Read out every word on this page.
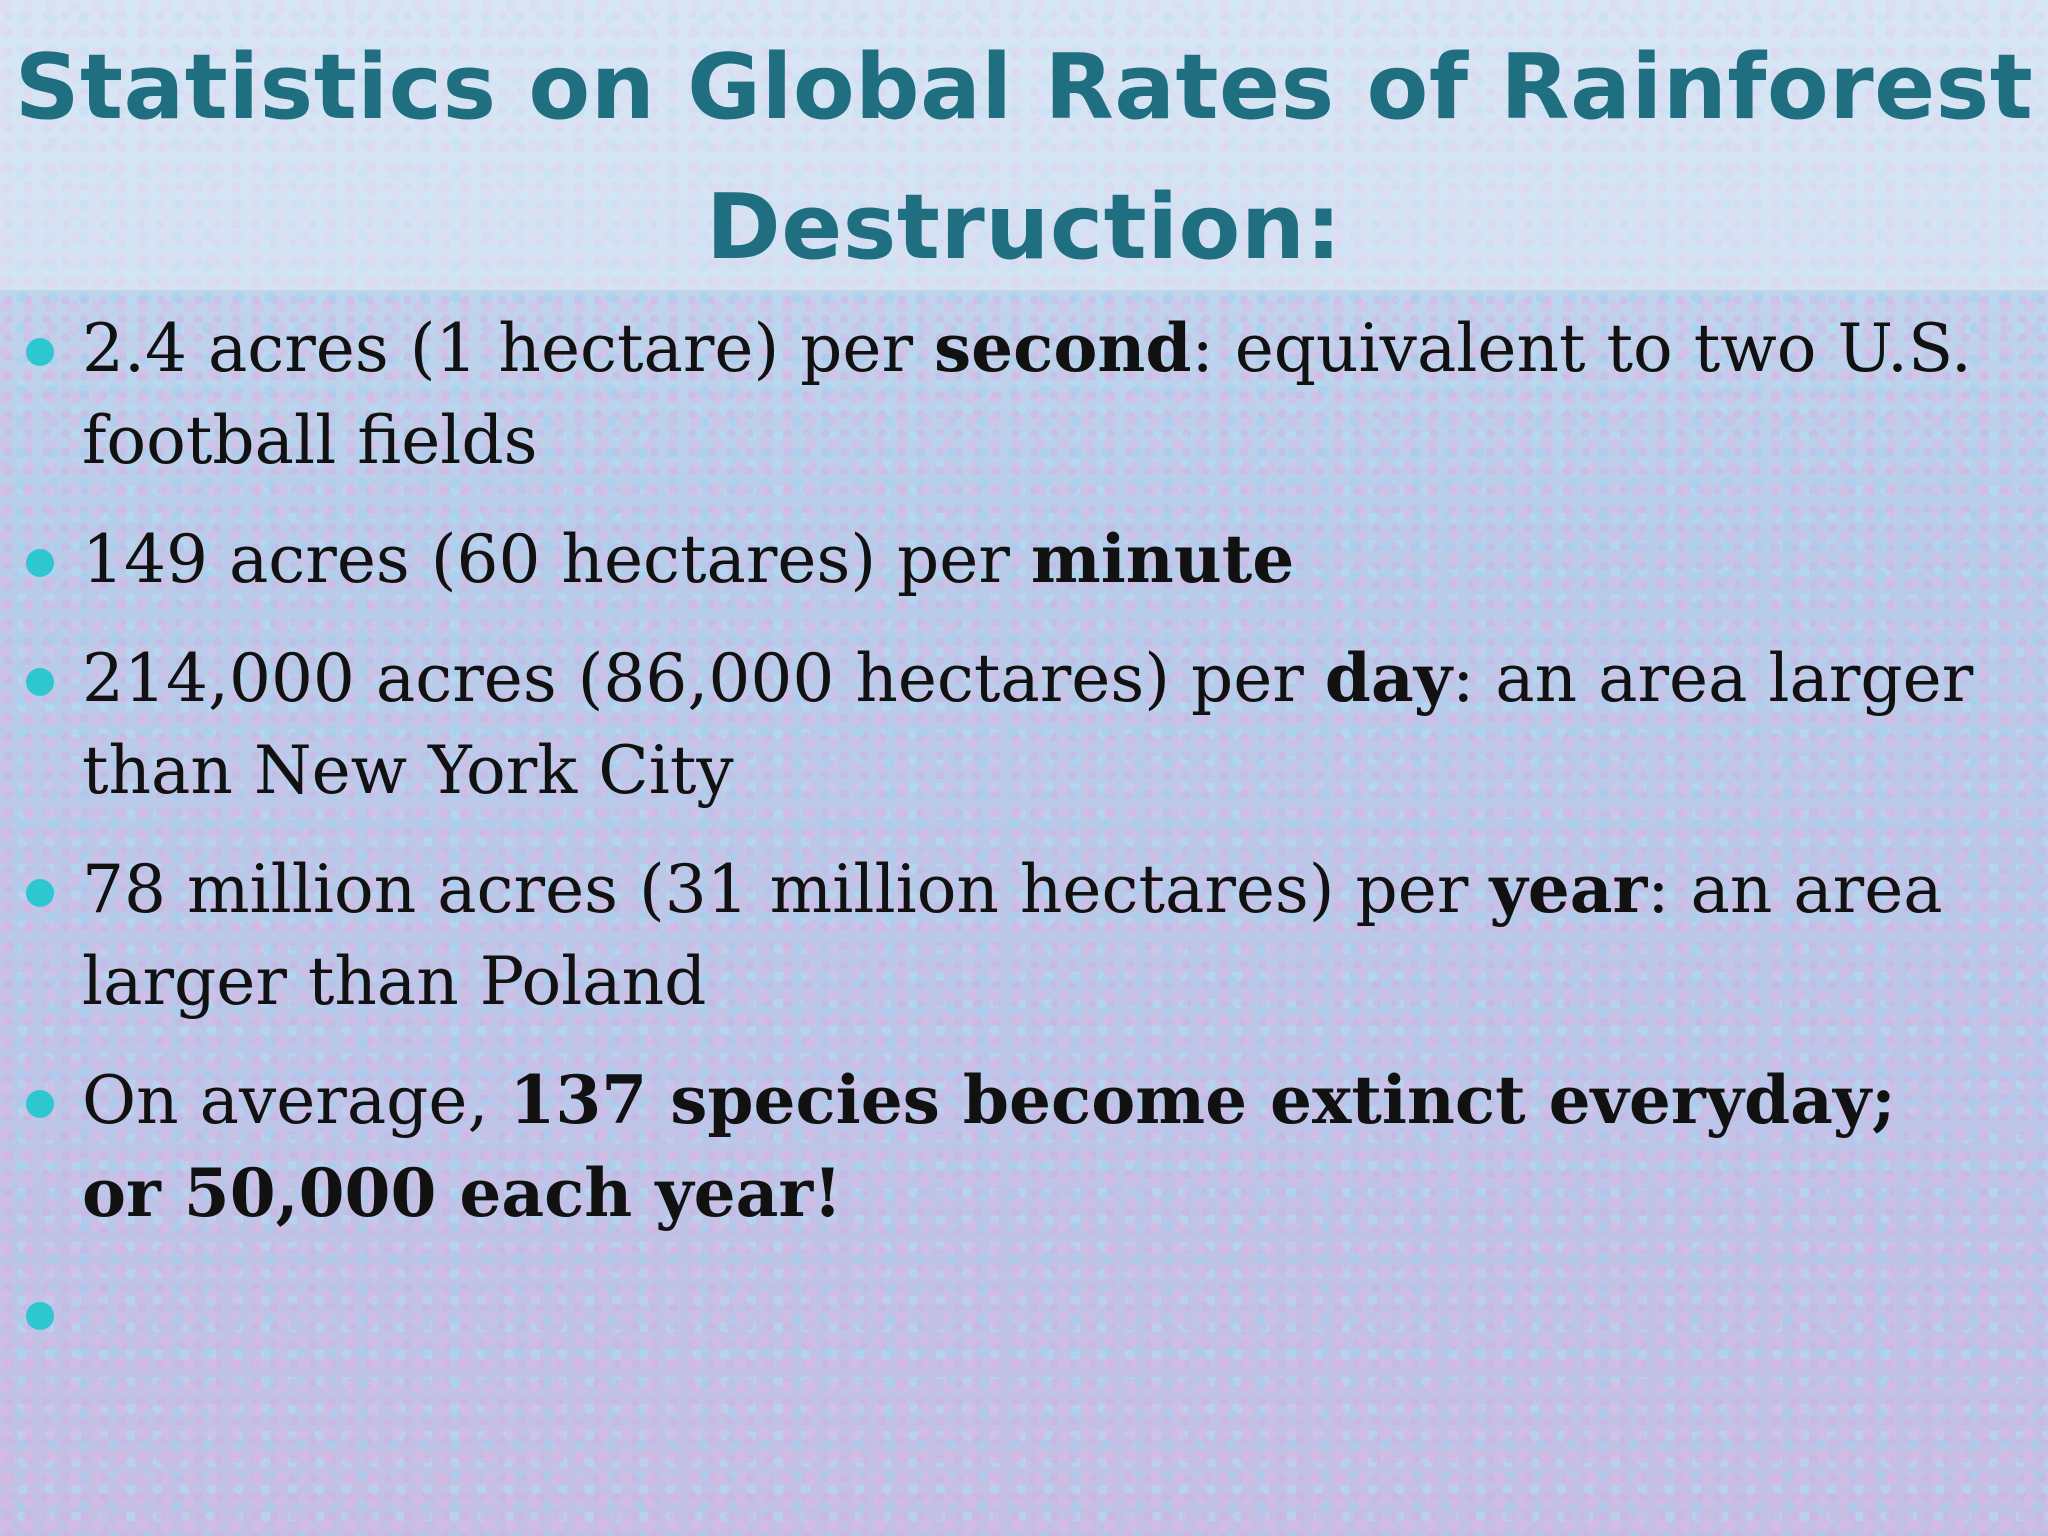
Statistics on Global Rates of Rainforest Destruction:
2.4 acres (1 hectare) per second: equivalent to two U.S. football fields
149 acres (60 hectares) per minute
214,000 acres (86,000 hectares) per day: an area larger than New York City
78 million acres (31 million hectares) per year: an area larger than Poland
On average, 137 species become extinct everyday; or 50,000 each year!
